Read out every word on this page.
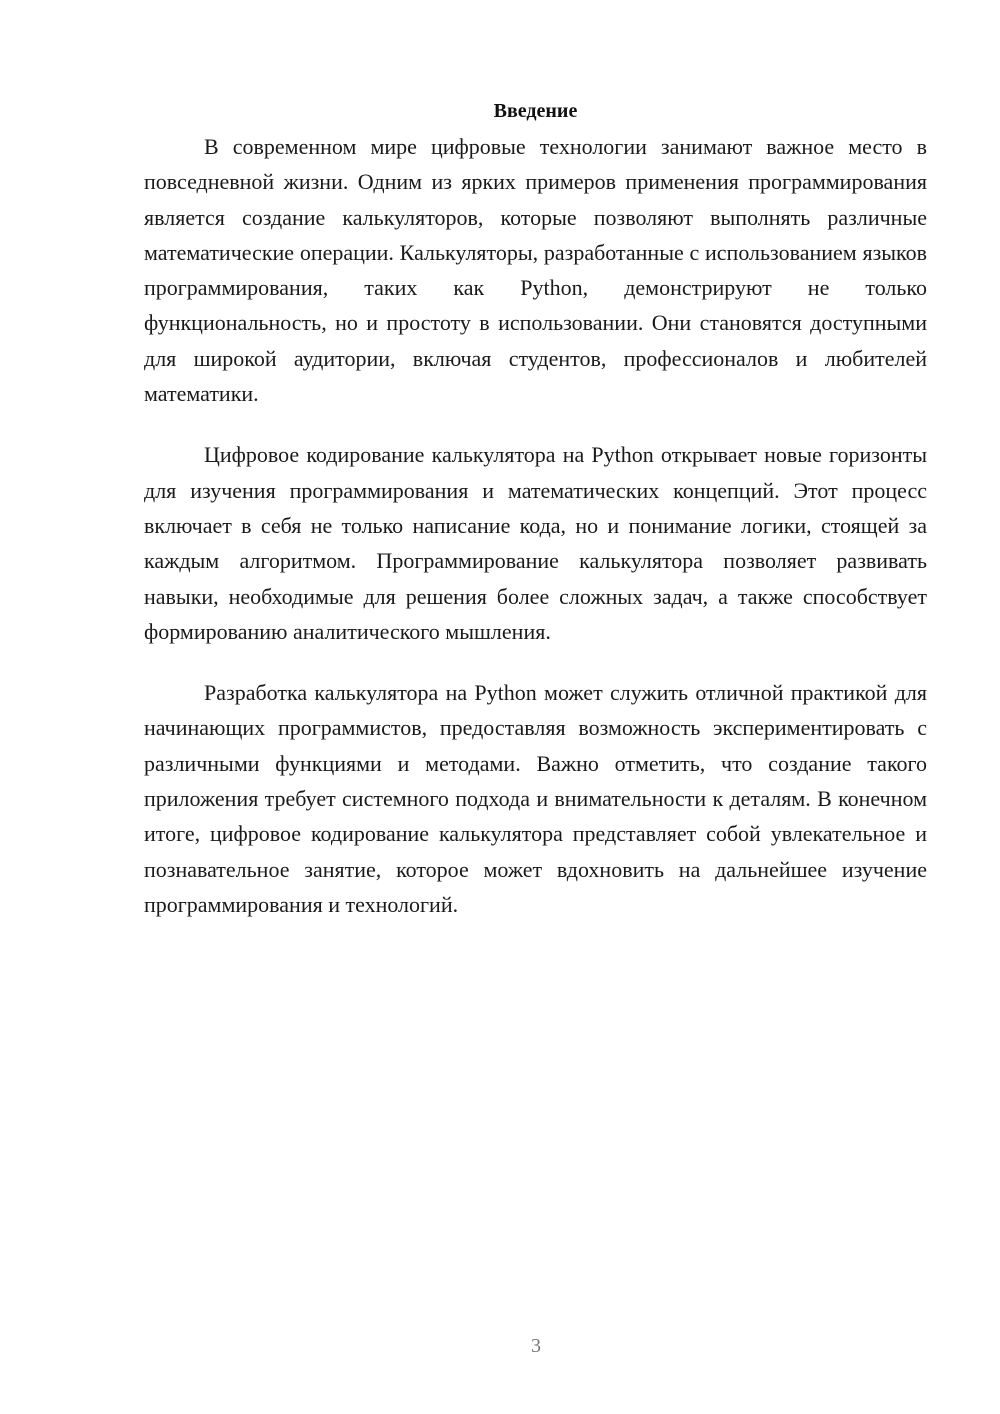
Введение

В современном мире цифровые технологии занимают важное место в повседневной жизни. Одним из ярких примеров применения программирования является создание калькуляторов, которые позволяют выполнять различные математические операции. Калькуляторы, разработанные с использованием языков программирования, таких как Python, демонстрируют не только функциональность, но и простоту в использовании. Они становятся доступными для широкой аудитории, включая студентов, профессионалов и любителей математики.

Цифровое кодирование калькулятора на Python открывает новые горизонты для изучения программирования и математических концепций. Этот процесс включает в себя не только написание кода, но и понимание логики, стоящей за каждым алгоритмом. Программирование калькулятора позволяет развивать навыки, необходимые для решения более сложных задач, а также способствует формированию аналитического мышления.

Разработка калькулятора на Python может служить отличной практикой для начинающих программистов, предоставляя возможность экспериментировать с различными функциями и методами. Важно отметить, что создание такого приложения требует системного подхода и внимательности к деталям. В конечном итоге, цифровое кодирование калькулятора представляет собой увлекательное и познавательное занятие, которое может вдохновить на дальнейшее изучение программирования и технологий.

3
